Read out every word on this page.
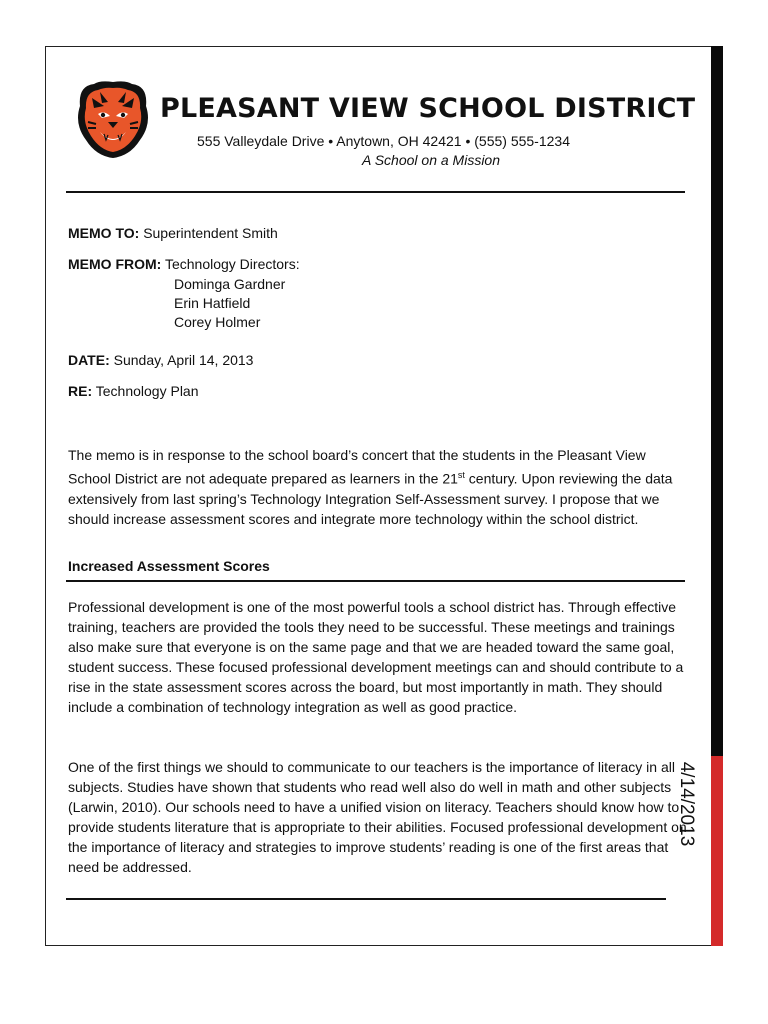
4/14/2013
PLEASANT VIEW SCHOOL DISTRICT
555 Valleydale Drive • Anytown, OH 42421 • (555) 555-1234
A School on a Mission
MEMO TO: Superintendent Smith
MEMO FROM: Technology Directors:
Dominga Gardner
Erin Hatfield
Corey Holmer
DATE: Sunday, April 14, 2013
RE: Technology Plan
The memo is in response to the school board’s concert that the students in the Pleasant View School District are not adequate prepared as learners in the 21st century. Upon reviewing the data extensively from last spring’s Technology Integration Self-Assessment survey. I propose that we should increase assessment scores and integrate more technology within the school district.
Increased Assessment Scores
Professional development is one of the most powerful tools a school district has. Through effective training, teachers are provided the tools they need to be successful. These meetings and trainings also make sure that everyone is on the same page and that we are headed toward the same goal, student success. These focused professional development meetings can and should contribute to a rise in the state assessment scores across the board, but most importantly in math. They should include a combination of technology integration as well as good practice.
One of the first things we should to communicate to our teachers is the importance of literacy in all subjects. Studies have shown that students who read well also do well in math and other subjects (Larwin, 2010). Our schools need to have a unified vision on literacy. Teachers should know how to provide students literature that is appropriate to their abilities. Focused professional development on the importance of literacy and strategies to improve students’ reading is one of the first areas that need be addressed.
